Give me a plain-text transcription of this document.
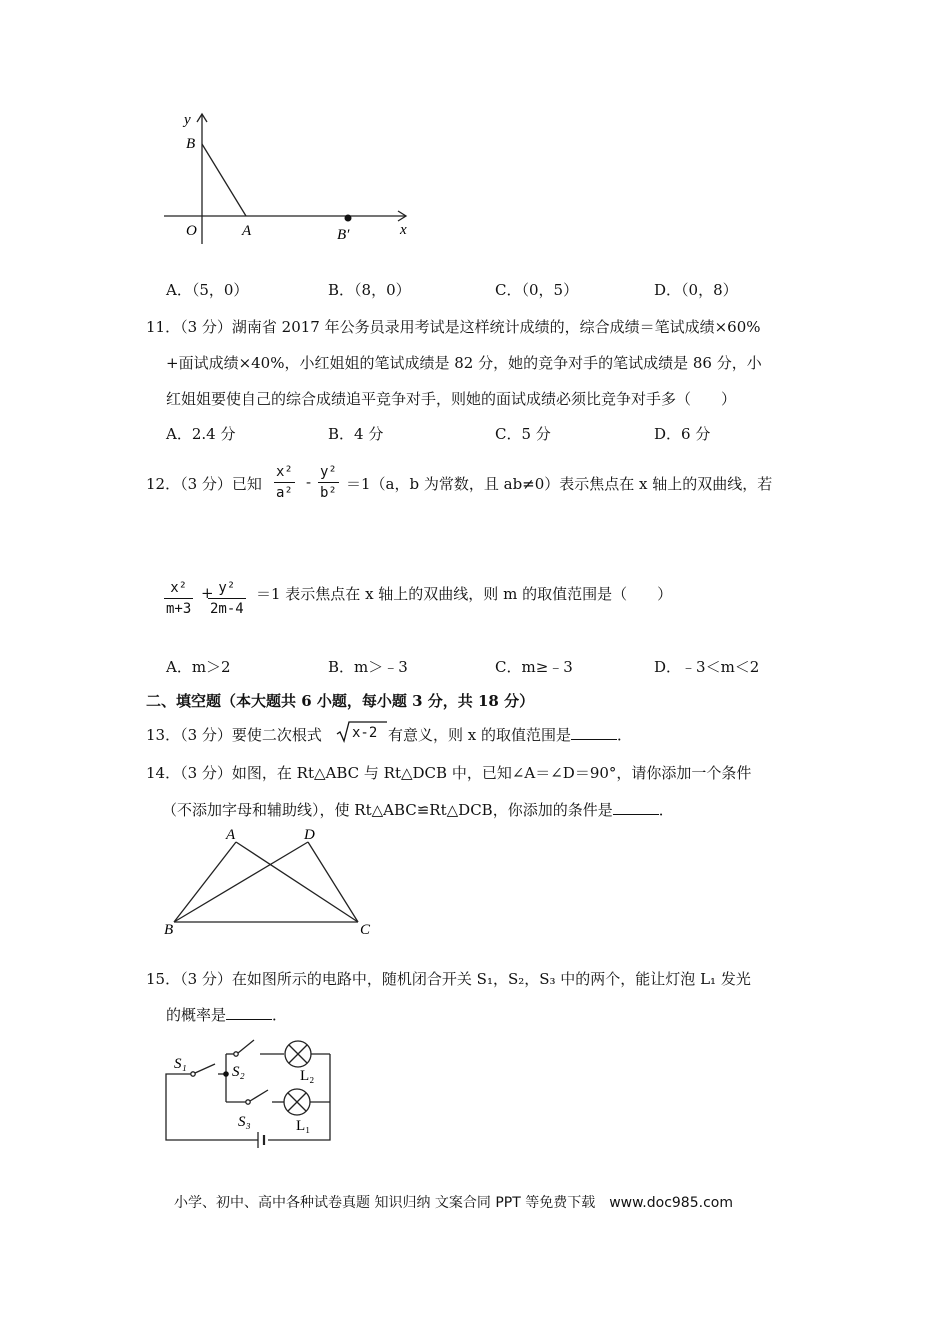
y
x
B
O	A	B′
A．（5，0）	B．（8，0）	C．（0，5）	D．（0，8）
11．（3 分）湖南省 2017 年公务员录用考试是这样统计成绩的，综合成绩＝笔试成绩×60%
+面试成绩×40%，小红姐姐的笔试成绩是 82 分，她的竞争对手的笔试成绩是 86 分，小
红姐姐要使自己的综合成绩追平竞争对手，则她的面试成绩必须比竞争对手多（　　）
A．2.4 分	B．4 分	C．5 分	D．6 分
12．（3 分）已知
x²
a²
-
y²
b² ＝1（a，b 为常数，且 ab≠0）表示焦点在 x 轴上的双曲线，若
x²
m+3
+ y²
2m-4
＝1 表示焦点在 x 轴上的双曲线，则 m 的取值范围是（　　）
A．m＞2	B．m＞﹣3	C．m≥﹣3	D．﹣3＜m＜2
二、填空题（本大题共 6 小题，每小题 3 分，共 18 分）
13．（3 分）要使二次根式 x-2 有意义，则 x 的取值范围是	．
14．（3 分）如图，在 Rt△ABC 与 Rt△DCB 中，已知∠A＝∠D＝90°，请你添加一个条件
（不添加字母和辅助线），使 Rt△ABC≌Rt△DCB，你添加的条件是	．
A	D
B	C
15．（3 分）在如图所示的电路中，随机闭合开关 S₁，S₂，S₃ 中的两个，能让灯泡 L₁ 发光
的概率是	．
S₁	S₂
S₃
L₂
L₁
小学、初中、高中各种试卷真题 知识归纳 文案合同 PPT 等免费下载　www.doc985.com
